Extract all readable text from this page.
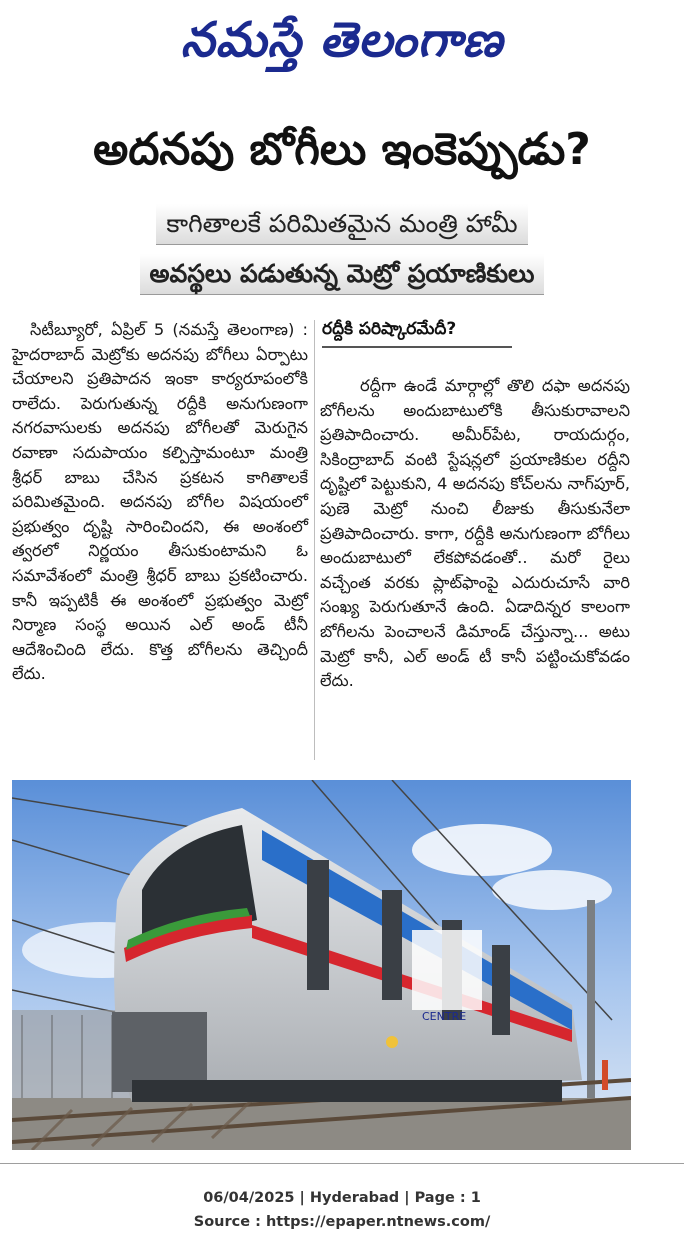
నమస్తే తెలంగాణ
అదనపు బోగీలు ఇంకెప్పుడు?
కాగితాలకే పరిమితమైన మంత్రి హామీ
అవస్థలు పడుతున్న మెట్రో ప్రయాణికులు
సిటీబ్యూరో, ఏప్రిల్ 5 (నమస్తే తెలంగాణ) : హైదరాబాద్ మెట్రోకు అదనపు బోగీలు ఏర్పాటు చేయాలని ప్రతిపాదన ఇంకా కార్యరూపంలోకి రాలేదు. పెరుగుతున్న రద్దీకి అనుగుణంగా నగరవాసులకు అదనపు బోగీలతో మెరుగైన రవాణా సదుపాయం కల్పిస్తామంటూ మంత్రి శ్రీధర్ బాబు చేసిన ప్రకటన కాగితాలకే పరిమితమైంది. అదనపు బోగీల విషయంలో ప్రభుత్వం దృష్టి సారించిందని, ఈ అంశంలో త్వరలో నిర్ణయం తీసుకుంటామని ఓ సమావేశంలో మంత్రి శ్రీధర్ బాబు ప్రకటించారు. కానీ ఇప్పటికీ ఈ అంశంలో ప్రభుత్వం మెట్రో నిర్మాణ సంస్థ అయిన ఎల్ అండ్ టీనీ ఆదేశించింది లేదు. కొత్త బోగీలను తెచ్చిందీ లేదు.
రద్దీకి పరిష్కారమేదీ?
రద్దీగా ఉండే మార్గాల్లో తొలి దఫా అదనపు బోగీలను అందుబాటులోకి తీసుకురావాలని ప్రతిపాదించారు. అమీర్‌పేట, రాయదుర్గం, సికింద్రాబాద్ వంటి స్టేషన్లలో ప్రయాణికుల రద్దీని దృష్టిలో పెట్టుకుని, 4 అదనపు కోచ్‌లను నాగ్‌పూర్, పుణె మెట్రో నుంచి లీజుకు తీసుకునేలా ప్రతిపాదించారు. కాగా, రద్దీకి అనుగుణంగా బోగీలు అందుబాటులో లేకపోవడంతో.. మరో రైలు వచ్చేంత వరకు ప్లాట్‌ఫాంపై ఎదురుచూసే వారి సంఖ్య పెరుగుతూనే ఉంది. ఏడాదిన్నర కాలంగా బోగీలను పెంచాలనే డిమాండ్ చేస్తున్నా... అటు మెట్రో కానీ, ఎల్ అండ్ టీ కానీ పట్టించుకోవడం లేదు.
CENTRE
06/04/2025 | Hyderabad | Page : 1
Source : https://epaper.ntnews.com/
